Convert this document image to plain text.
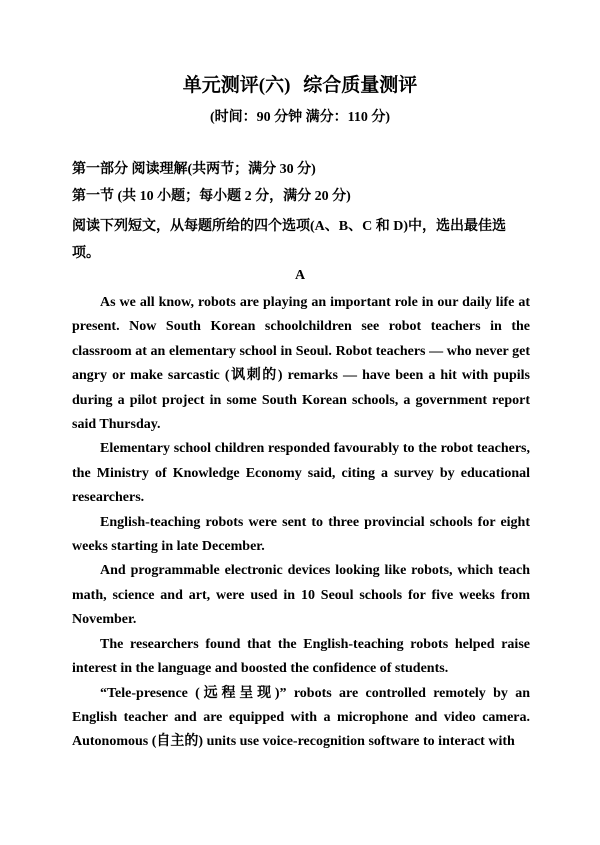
单元测评(六) 综合质量测评
(时间：90 分钟 满分：110 分)
第一部分 阅读理解(共两节；满分 30 分)
第一节 (共 10 小题；每小题 2 分，满分 20 分)
阅读下列短文，从每题所给的四个选项(A、B、C 和 D)中，选出最佳选项。
A

As we all know, robots are playing an important role in our daily life at present. Now South Korean schoolchildren see robot teachers in the classroom at an elementary school in Seoul. Robot teachers — who never get angry or make sarcastic (讽刺的) remarks — have been a hit with pupils during a pilot project in some South Korean schools, a government report said Thursday.

Elementary school children responded favourably to the robot teachers, the Ministry of Knowledge Economy said, citing a survey by educational researchers.

English-teaching robots were sent to three provincial schools for eight weeks starting in late December.

And programmable electronic devices looking like robots, which teach math, science and art, were used in 10 Seoul schools for five weeks from November.

The researchers found that the English-teaching robots helped raise interest in the language and boosted the confidence of students.

“Tele-presence (远程呈现)” robots are controlled remotely by an English teacher and are equipped with a microphone and video camera. Autonomous (自主的) units use voice-recognition software to interact with
